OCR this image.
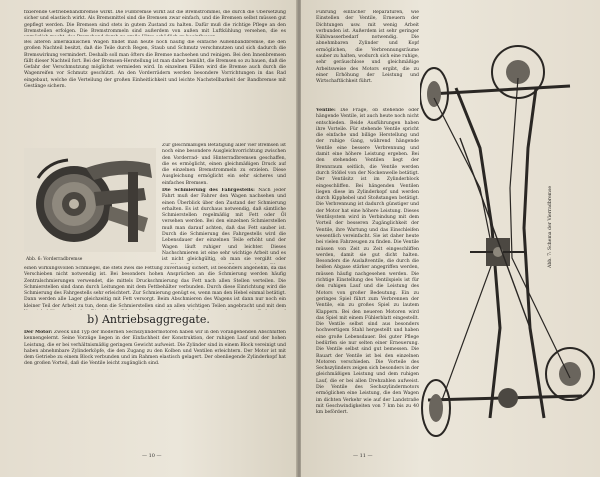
fixierende Getriebebandbremse wirkt. Die Fußbremse wirkt auf die Bremstrommel, die durch die Übersetzung sicher und elastisch wirkt. Als Bremsmittel sind die Bremsen zwar einfach, und die Bremsen selbst müssen gut gepflegt werden. Die Bremsen sind stets in gutem Zustand zu halten. Dafür muß die richtige Pflege an den Bremsteilen erfolgen. Die Bremstrommeln sind außerdem von außen mit Luftkühlung versehen, die es

Bei älteren amerikanischen Wagen findet man heute noch häufig die einfache Außenbandbremse, die den großen Nachteil besitzt, daß die Teile durch Regen, Staub und Schmutz verschmutzen und sich dadurch die Bremswirkung vermindert. Deshalb soll man öfters die Bremse nachsehen und reinigen. Bei den Innenbremsen fällt dieser Nachteil fort. Bei der Bremsen-Herstellung ist man daher bemüht, die Bremsen so zu bauen, daß die Gefahr der Verschmutzung möglichst vermieden wird. In einzelnen Fällen wird die Bremse auch durch die Wagenreifen vor Schmutz geschützt. An den Vorderrädern werden besondere Vorrichtungen in das Rad eingebaut, welche die Verteilung der großen Einheitlichkeit und leichte Nachstellbarkeit der Bandbremse mit Gestänge sichern.

Abb. 6: Vorderradbremse

Zur gleichmäßigen Betätigung aller vier Bremsen ist noch eine besondere Ausgleichvorrichtung zwischen den Vorderrad- und Hinterradbremsen geschaffen, die es ermöglicht, einen gleichmäßigen Druck auf die einzelnen Bremstrommeln zu erzielen. Diese Ausgleichung ermöglicht ein sehr sicheres und einfaches Bremsen.

Die Schmierung des Fahrgestells: Nach jeder Fahrt muß der Fahrer den Wagen nachsehen und einen Überblick über den Zustand der Schmierung erhalten. Es ist durchaus notwendig, daß sämtliche Schmierstellen regelmäßig mit Fett oder Öl versehen werden. Bei den einzelnen Schmierstellen muß man darauf achten, daß das Fett sauber ist. Durch die Schmierung des Fahrgestells wird die Lebensdauer der einzelnen Teile erhöht und der Wagen läuft ruhiger und leichter. Dieses Nachschmieren ist eine sehr wichtige Arbeit und es ist nicht gleichgültig, ob man sie vergißt oder

einen wirkungsvollen Schmiegel, die stets zwei die Fettung zuverlässig sichert, ist besonders angenehm, da das Verschieben nicht notwendig ist. Bei besonders hohen Ansprüchen an die Schmierung werden häufig Zentralschmierungen verwendet, die mittels Druckschmierung das Fett nach allen Stellen verteilen. Die Schmierstellen sind dann durch Leitungen mit dem Fettbehälter verbunden. Durch diese Einrichtung wird die Schmierung des Fahrgestells sehr erleichtert. Zur Schmierung genügt es, wenn man den Hebel einmal betätigt. Dann werden alle Lager gleichzeitig mit Fett versorgt. Beim Abschmieren des Wagens ist dann nur noch ein kleiner Teil der Arbeit zu tun, denn die Schmierstellen sind an allen wichtigen Teilen angebracht und mit dem

b) Antriebsaggregate.

Der Motor: Zweck und Typ der modernen Sechszylindermotoren haben wir in den vorangehenden Abschnitten kennengelernt. Seine Vorzüge liegen in der Einfachheit der Konstruktion, der ruhigen Lauf und der hohen Leistung, die er bei verhältnismäßig geringem Gewicht aufweist. Die Zylinder sind in einem Block vereinigt und haben abnehmbare Zylinderköpfe, die den Zugang zu den Kolben und Ventilen erleichtern. Der Motor ist mit dem Getriebe zu einem Block verbunden und im Rahmen elastisch gelagert. Der obenliegende Zylinderkopf hat den großen Vorteil, daß die Ventile leicht zugänglich sind.

— 10 —

Führung einfacher Reparaturen, wie Einstellen der Ventile, Erneuern der Dichtungen usw. mit wenig Arbeit verbunden ist. Außerdem ist sehr geringer Kühlwasserbedarf notwendig. Die abnehmbaren Zylinder und Kopf ermöglichen, die Verbrennungsräume sauber zu halten, wodurch sich eine ruhige, sehr geräuschlose und gleichmäßige Arbeitsweise des Motors ergibt, die zu einer Erhöhung der Leistung und Wirtschaftlichkeit führt.

Ventile: Die Frage, ob stehende oder hängende Ventile, ist auch heute noch nicht entschieden. Beide Ausführungen haben ihre Vorteile. Für stehende Ventile spricht die einfache und billige Herstellung und der ruhige Gang, während hängende Ventile eine bessere Verbrennung und damit eine höhere Leistung ergeben. Bei den stehenden Ventilen liegt der Brennraum seitlich, die Ventile werden durch Stößel von der Nockenwelle betätigt. Der Ventilsitz ist im Zylinderblock eingeschliffen. Bei hängenden Ventilen liegen diese im Zylinderkopf und werden durch Kipphebel und Stoßstangen betätigt. Die Verbrennung ist dadurch günstiger und der Motor hat eine höhere Leistung. Dieses Ventilsystem wird in Verbindung mit dem Vorteil der besseren Zugänglichkeit der Ventile, ihre Wartung und das Einschleifen wesentlich vereinfacht. Sie ist daher heute bei vielen Fahrzeugen zu finden. Die Ventile müssen von Zeit zu Zeit eingeschliffen werden, damit sie gut dicht halten. Besonders die Auslaßventile, die durch die heißen Abgase stärker angegriffen werden, müssen häufig nachgesehen werden. Die richtige Einstellung des Ventilspiels ist für den ruhigen Lauf und die Leistung des Motors von großer Bedeutung. Ein zu geringes Spiel führt zum Verbrennen der Ventile, ein zu großes Spiel zu lautem Klappern. Bei den neueren Motoren wird das Spiel mit einem Fühlerblatt eingestellt. Die Ventile selbst sind aus besonders hochwertigem Stahl hergestellt und haben eine große Lebensdauer. Bei guter Pflege bedürfen sie nur selten einer Erneuerung. Die Ventile selbst sind gut bemessen. Die Bauart der Ventile ist bei den einzelnen Motoren verschieden. Die Vorteile des Sechszylinders zeigen sich besonders in der gleichmäßigen Leistung und dem ruhigen Lauf, die er bei allen Drehzahlen aufweist. Die Ventile des Sechszylindermotors ermöglichen eine Leistung, die den Wagen im dichten Verkehr wie auf der Landstraße mit Geschwindigkeiten von 7 km bis zu 40 km befördert.

— 11 —
Abb. 7: Schema der Vierradbremse
